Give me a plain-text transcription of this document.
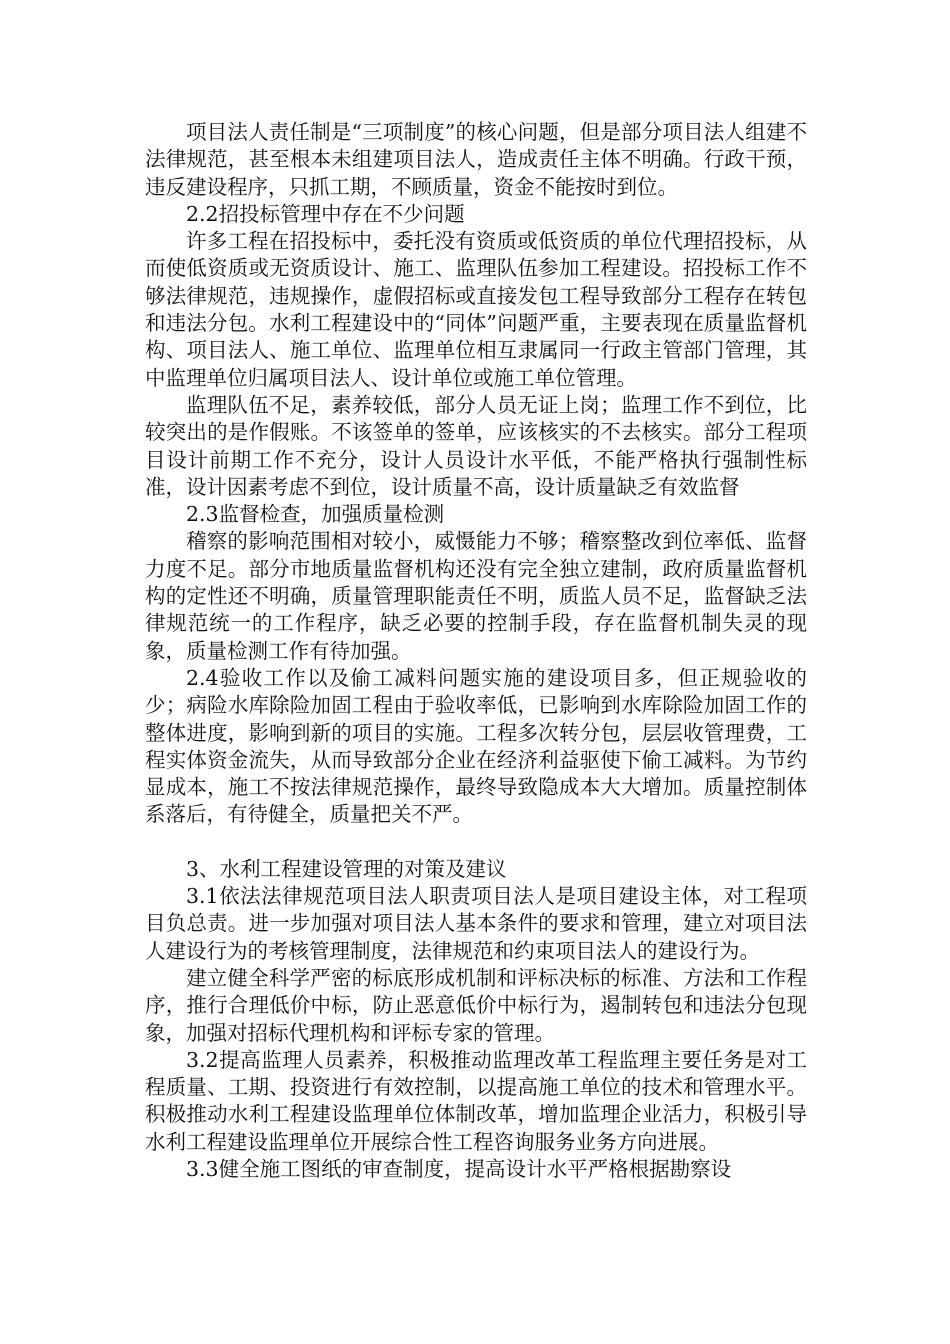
项目法人责任制是“三项制度”的核心问题，但是部分项目法人组建不法律规范，甚至根本未组建项目法人，造成责任主体不明确。行政干预，违反建设程序，只抓工期，不顾质量，资金不能按时到位。

2.2招投标管理中存在不少问题

许多工程在招投标中，委托没有资质或低资质的单位代理招投标，从而使低资质或无资质设计、施工、监理队伍参加工程建设。招投标工作不够法律规范，违规操作，虚假招标或直接发包工程导致部分工程存在转包和违法分包。水利工程建设中的“同体”问题严重，主要表现在质量监督机构、项目法人、施工单位、监理单位相互隶属同一行政主管部门管理，其中监理单位归属项目法人、设计单位或施工单位管理。

监理队伍不足，素养较低，部分人员无证上岗；监理工作不到位，比较突出的是作假账。不该签单的签单，应该核实的不去核实。部分工程项目设计前期工作不充分，设计人员设计水平低，不能严格执行强制性标准，设计因素考虑不到位，设计质量不高，设计质量缺乏有效监督

2.3监督检查，加强质量检测

稽察的影响范围相对较小，威慑能力不够；稽察整改到位率低、监督力度不足。部分市地质量监督机构还没有完全独立建制，政府质量监督机构的定性还不明确，质量管理职能责任不明，质监人员不足，监督缺乏法律规范统一的工作程序，缺乏必要的控制手段，存在监督机制失灵的现象，质量检测工作有待加强。

2.4验收工作以及偷工减料问题实施的建设项目多，但正规验收的少；病险水库除险加固工程由于验收率低，已影响到水库除险加固工作的整体进度，影响到新的项目的实施。工程多次转分包，层层收管理费，工程实体资金流失，从而导致部分企业在经济利益驱使下偷工减料。为节约显成本，施工不按法律规范操作，最终导致隐成本大大增加。质量控制体系落后，有待健全，质量把关不严。

3、水利工程建设管理的对策及建议

3.1依法法律规范项目法人职责项目法人是项目建设主体，对工程项目负总责。进一步加强对项目法人基本条件的要求和管理，建立对项目法人建设行为的考核管理制度，法律规范和约束项目法人的建设行为。

建立健全科学严密的标底形成机制和评标决标的标准、方法和工作程序，推行合理低价中标，防止恶意低价中标行为，遏制转包和违法分包现象，加强对招标代理机构和评标专家的管理。

3.2提高监理人员素养，积极推动监理改革工程监理主要任务是对工程质量、工期、投资进行有效控制，以提高施工单位的技术和管理水平。积极推动水利工程建设监理单位体制改革，增加监理企业活力，积极引导水利工程建设监理单位开展综合性工程咨询服务业务方向进展。

3.3健全施工图纸的审查制度，提高设计水平严格根据勘察设
